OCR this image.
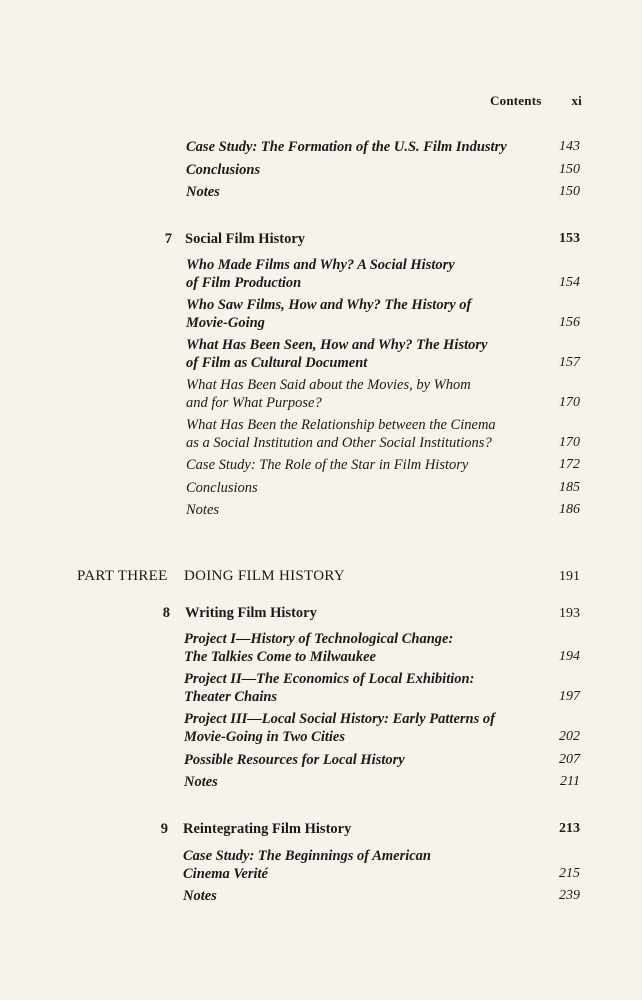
Contents xi
Case Study: The Formation of the U.S. Film Industry	143
Conclusions	150
Notes	150
7 Social Film History	153
Who Made Films and Why? A Social History
of Film Production	154
Who Saw Films, How and Why? The History of
Movie-Going	156
What Has Been Seen, How and Why? The History
of Film as Cultural Document	157
What Has Been Said about the Movies, by Whom
and for What Purpose?	170
What Has Been the Relationship between the Cinema
as a Social Institution and Other Social Institutions?	170
Case Study: The Role of the Star in Film History	172
Conclusions	185
Notes	186
PART THREE DOING FILM HISTORY	191
8 Writing Film History	193
Project I—History of Technological Change:
The Talkies Come to Milwaukee	194
Project II—The Economics of Local Exhibition:
Theater Chains	197
Project III—Local Social History: Early Patterns of
Movie-Going in Two Cities	202
Possible Resources for Local History	207
Notes	211
9 Reintegrating Film History	213
Case Study: The Beginnings of American
Cinema Verité	215
Notes	239
